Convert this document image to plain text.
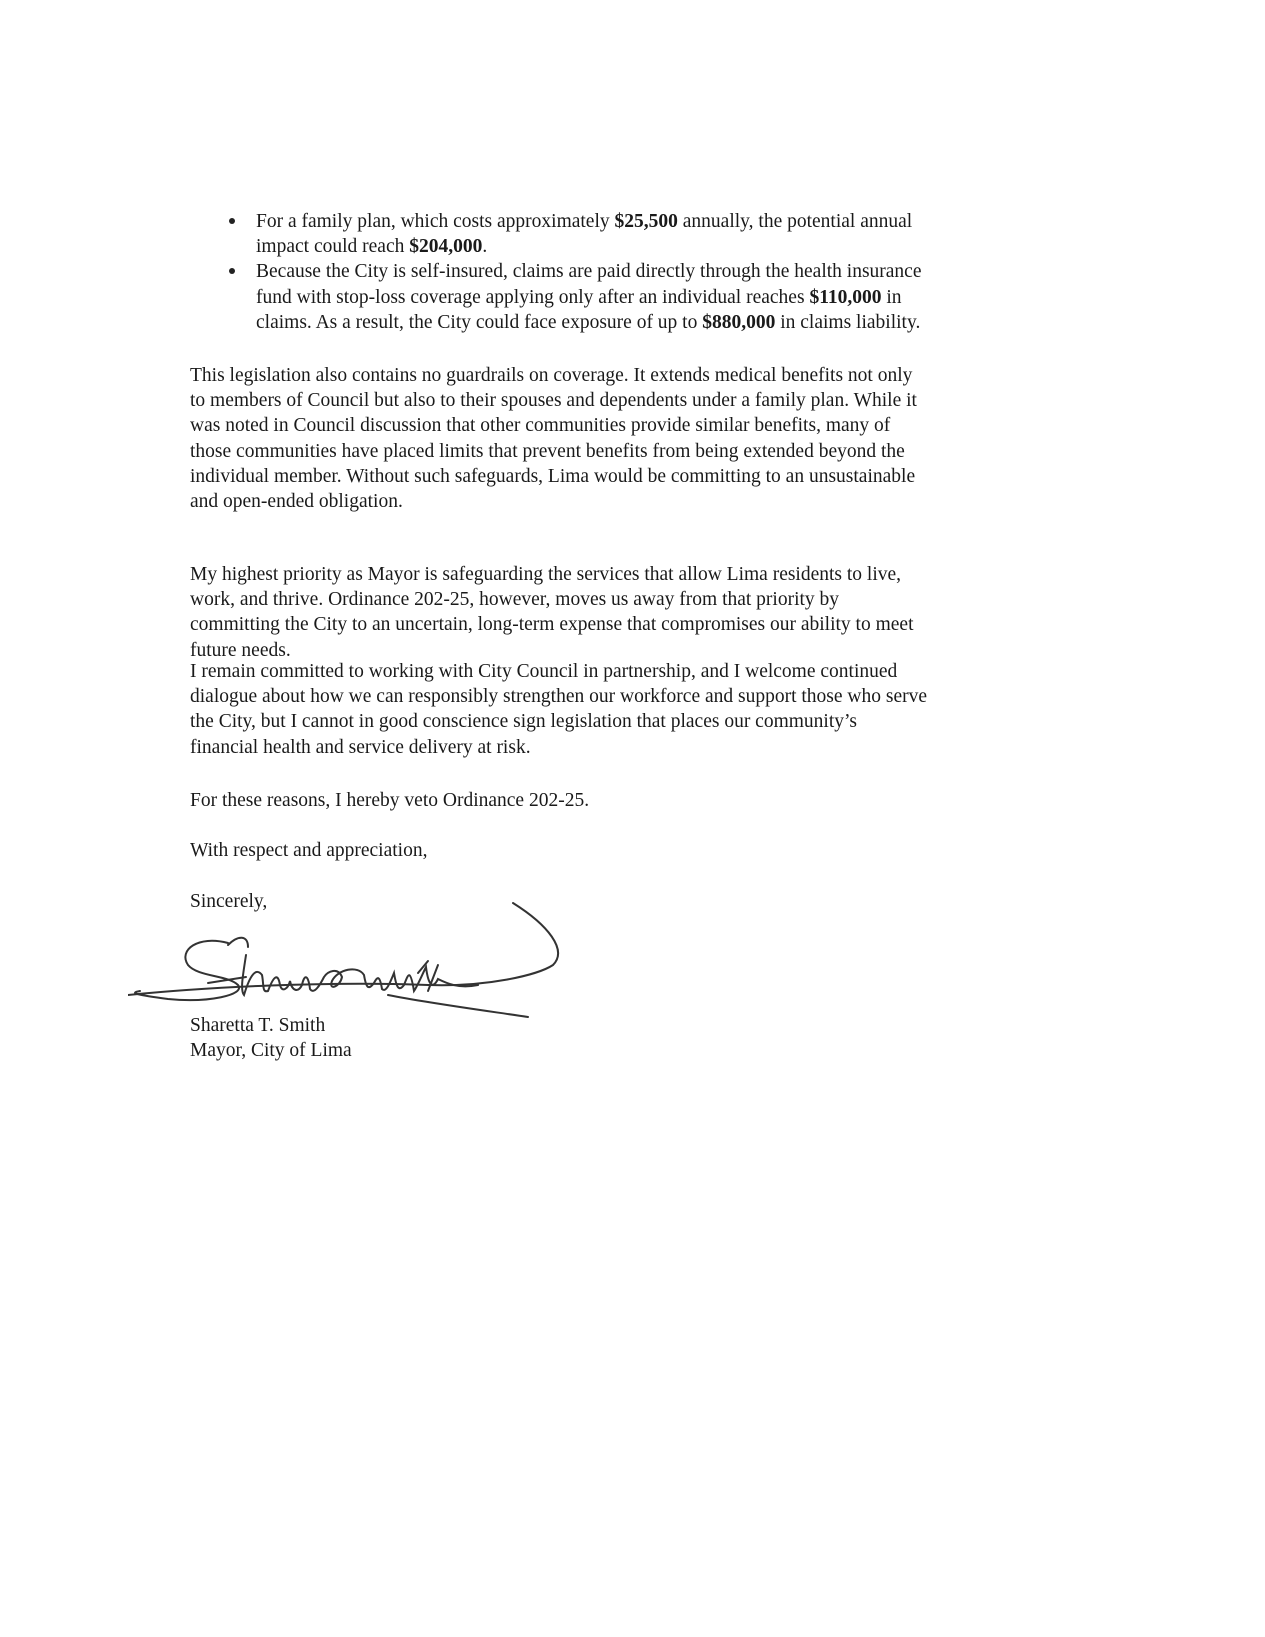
For a family plan, which costs approximately $25,500 annually, the potential annual
impact could reach $204,000.
Because the City is self-insured, claims are paid directly through the health insurance
fund with stop-loss coverage applying only after an individual reaches $110,000 in
claims. As a result, the City could face exposure of up to $880,000 in claims liability.
This legislation also contains no guardrails on coverage. It extends medical benefits not only
to members of Council but also to their spouses and dependents under a family plan. While it
was noted in Council discussion that other communities provide similar benefits, many of
those communities have placed limits that prevent benefits from being extended beyond the
individual member. Without such safeguards, Lima would be committing to an unsustainable
and open-ended obligation.
My highest priority as Mayor is safeguarding the services that allow Lima residents to live,
work, and thrive. Ordinance 202-25, however, moves us away from that priority by
committing the City to an uncertain, long-term expense that compromises our ability to meet
future needs.
I remain committed to working with City Council in partnership, and I welcome continued
dialogue about how we can responsibly strengthen our workforce and support those who serve
the City, but I cannot in good conscience sign legislation that places our community’s
financial health and service delivery at risk.
For these reasons, I hereby veto Ordinance 202-25.
With respect and appreciation,
Sincerely,
Sharetta T. Smith
Mayor, City of Lima
